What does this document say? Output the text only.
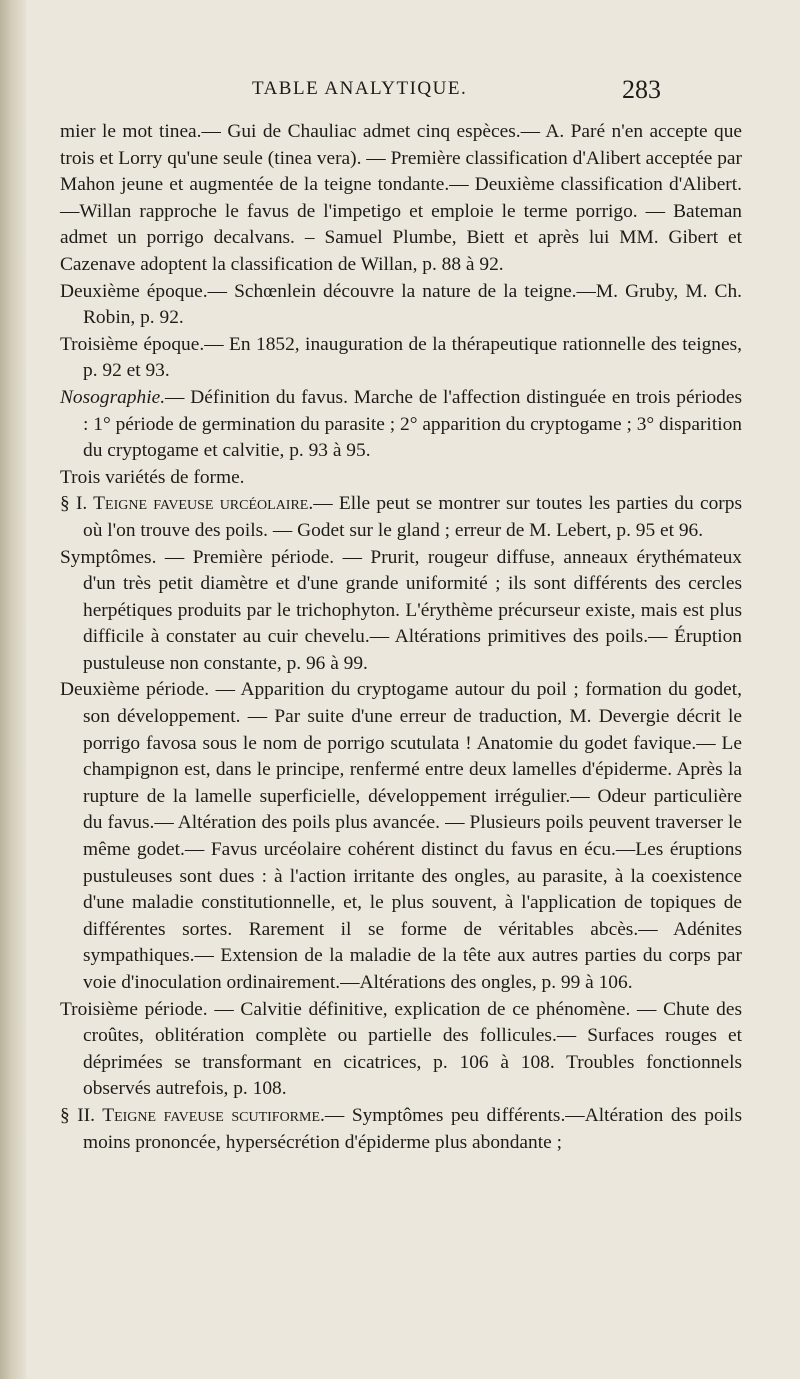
TABLE ANALYTIQUE.	283

mier le mot tinea.— Gui de Chauliac admet cinq espèces.— A. Paré n'en accepte que trois et Lorry qu'une seule (tinea vera). — Première classification d'Alibert acceptée par Mahon jeune et augmentée de la teigne tondante.— Deuxième classification d'Alibert.—Willan rapproche le favus de l'impetigo et emploie le terme porrigo. — Bateman admet un porrigo decalvans. – Samuel Plumbe, Biett et après lui MM. Gibert et Cazenave adoptent la classification de Willan, p. 88 à 92.

Deuxième époque.— Schœnlein découvre la nature de la teigne.—M. Gruby, M. Ch. Robin, p. 92.

Troisième époque.— En 1852, inauguration de la thérapeutique rationnelle des teignes, p. 92 et 93.

Nosographie.— Définition du favus. Marche de l'affection distinguée en trois périodes : 1° période de germination du parasite ; 2° apparition du cryptogame ; 3° disparition du cryptogame et calvitie, p. 93 à 95.

Trois variétés de forme.

§ I. Teigne faveuse urcéolaire.— Elle peut se montrer sur toutes les parties du corps où l'on trouve des poils. — Godet sur le gland ; erreur de M. Lebert, p. 95 et 96.

Symptômes. — Première période. — Prurit, rougeur diffuse, anneaux érythémateux d'un très petit diamètre et d'une grande uniformité ; ils sont différents des cercles herpétiques produits par le trichophyton. L'érythème précurseur existe, mais est plus difficile à constater au cuir chevelu.— Altérations primitives des poils.— Éruption pustuleuse non constante, p. 96 à 99.

Deuxième période. — Apparition du cryptogame autour du poil ; formation du godet, son développement. — Par suite d'une erreur de traduction, M. Devergie décrit le porrigo favosa sous le nom de porrigo scutulata ! Anatomie du godet favique.— Le champignon est, dans le principe, renfermé entre deux lamelles d'épiderme. Après la rupture de la lamelle superficielle, développement irrégulier.— Odeur particulière du favus.— Altération des poils plus avancée. — Plusieurs poils peuvent traverser le même godet.— Favus urcéolaire cohérent distinct du favus en écu.—Les éruptions pustuleuses sont dues : à l'action irritante des ongles, au parasite, à la coexistence d'une maladie constitutionnelle, et, le plus souvent, à l'application de topiques de différentes sortes. Rarement il se forme de véritables abcès.— Adénites sympathiques.— Extension de la maladie de la tête aux autres parties du corps par voie d'inoculation ordinairement.—Altérations des ongles, p. 99 à 106.

Troisième période. — Calvitie définitive, explication de ce phénomène. — Chute des croûtes, oblitération complète ou partielle des follicules.— Surfaces rouges et déprimées se transformant en cicatrices, p. 106 à 108. Troubles fonctionnels observés autrefois, p. 108.

§ II. Teigne faveuse scutiforme.— Symptômes peu différents.—Altération des poils moins prononcée, hypersécrétion d'épiderme plus abondante ;
